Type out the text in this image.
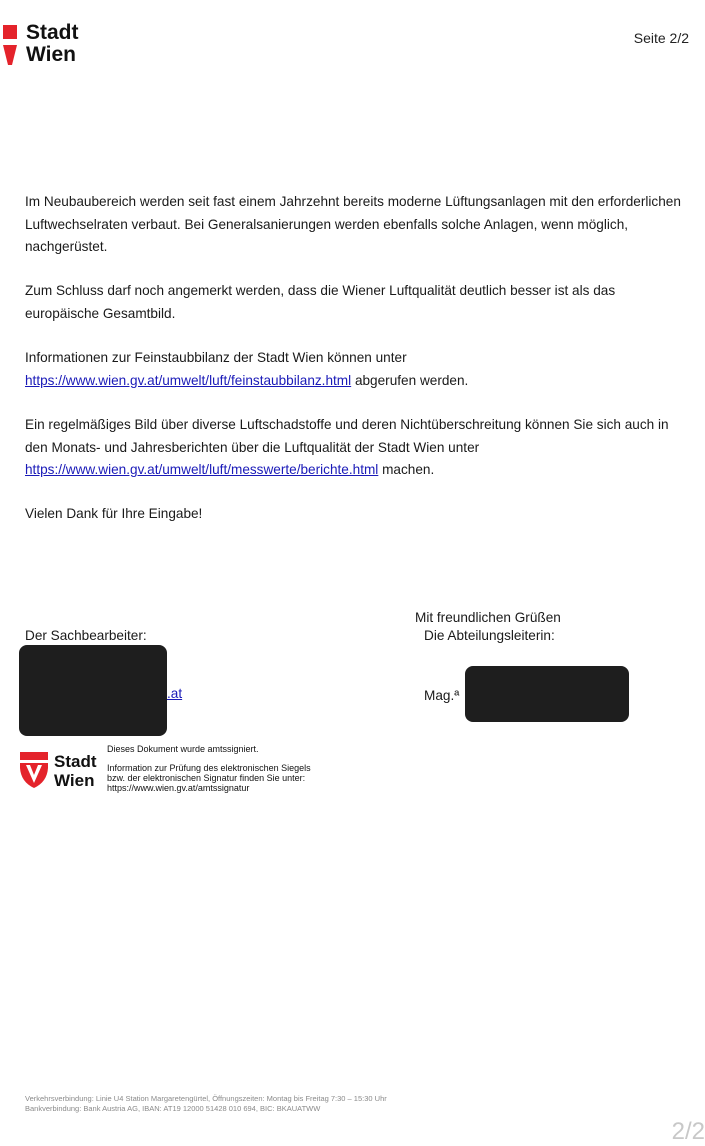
Stadt
Wien
Seite 2/2
Im Neubaubereich werden seit fast einem Jahrzehnt bereits moderne Lüftungsanlagen mit den erforderlichen Luftwechselraten verbaut. Bei Generalsanierungen werden ebenfalls solche Anlagen, wenn möglich, nachgerüstet.
Zum Schluss darf noch angemerkt werden, dass die Wiener Luftqualität deutlich besser ist als das europäische Gesamtbild.
Informationen zur Feinstaubbilanz der Stadt Wien können unter
https://www.wien.gv.at/umwelt/luft/feinstaubbilanz.html abgerufen werden.
Ein regelmäßiges Bild über diverse Luftschadstoffe und deren Nichtüberschreitung können Sie sich auch in den Monats- und Jahresberichten über die Luftqualität der Stadt Wien unter https://www.wien.gv.at/umwelt/luft/messwerte/berichte.html machen.
Vielen Dank für Ihre Eingabe!
Mit freundlichen Grüßen
Der Sachbearbeiter:	Die Abteilungsleiterin:
.at	Mag.ª
Stadt
Wien
Dieses Dokument wurde amtssigniert.
Information zur Prüfung des elektronischen Siegels
bzw. der elektronischen Signatur finden Sie unter:
https://www.wien.gv.at/amtssignatur
Verkehrsverbindung: Linie U4 Station Margaretengürtel, Öffnungszeiten: Montag bis Freitag 7:30 – 15:30 Uhr
Bankverbindung: Bank Austria AG, IBAN: AT19 12000 51428 010 694, BIC: BKAUATWW
2/2
